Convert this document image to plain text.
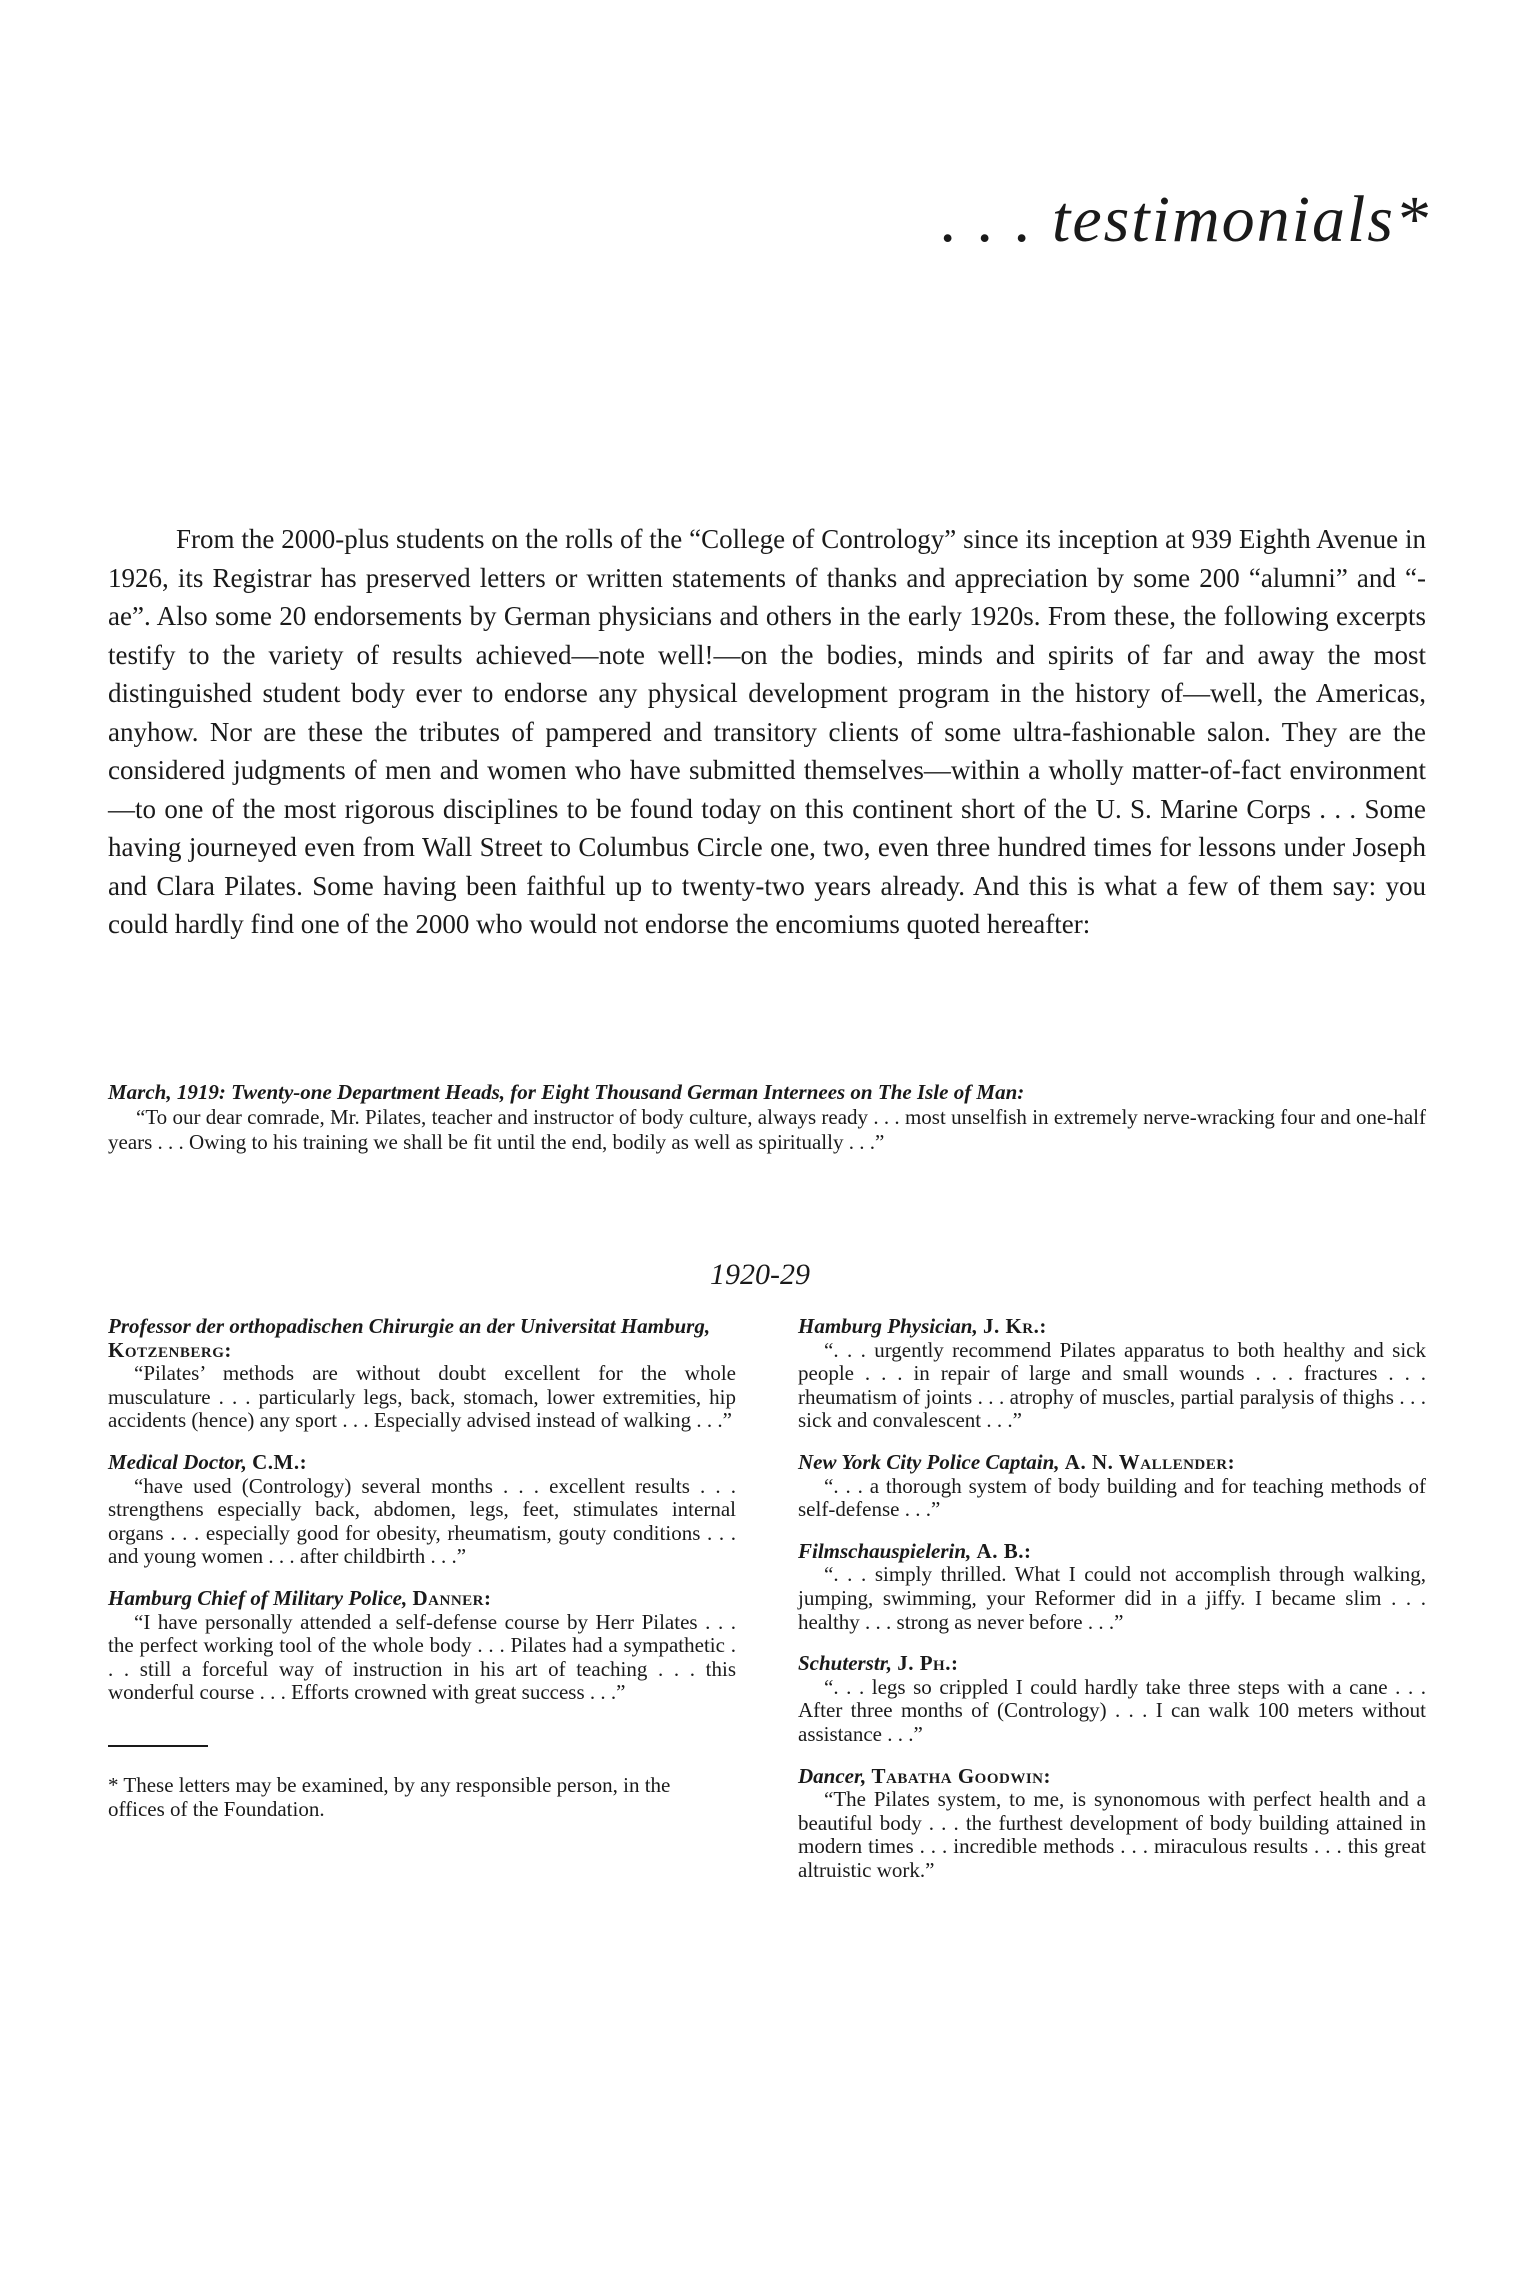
. . . testimonials*

From the 2000-plus students on the rolls of the “College of Contrology” since its inception at 939 Eighth Avenue in 1926, its Registrar has preserved letters or written statements of thanks and appreciation by some 200 “alumni” and “-ae”. Also some 20 endorsements by German physicians and others in the early 1920s. From these, the following excerpts testify to the variety of results achieved—note well!—on the bodies, minds and spirits of far and away the most distinguished student body ever to endorse any physical development program in the history of—well, the Americas, anyhow. Nor are these the tributes of pampered and transitory clients of some ultra-fashionable salon. They are the considered judgments of men and women who have submitted themselves—within a wholly matter-of-fact environment—to one of the most rigorous disciplines to be found today on this continent short of the U. S. Marine Corps . . . Some having journeyed even from Wall Street to Columbus Circle one, two, even three hundred times for lessons under Joseph and Clara Pilates. Some having been faithful up to twenty-two years already. And this is what a few of them say: you could hardly find one of the 2000 who would not endorse the encomiums quoted hereafter:

March, 1919: Twenty-one Department Heads, for Eight Thousand German Internees on The Isle of Man:

“To our dear comrade, Mr. Pilates, teacher and instructor of body culture, always ready . . . most unselfish in extremely nerve-wracking four and one-half years . . . Owing to his training we shall be fit until the end, bodily as well as spiritually . . .”

1920-29
Professor der orthopadischen Chirurgie an der Universitat Hamburg, Kotzenberg:

“Pilates’ methods are without doubt excellent for the whole musculature . . . particularly legs, back, stomach, lower extremities, hip accidents (hence) any sport . . . Especially advised instead of walking . . .”

Medical Doctor, C.M.:

“have used (Contrology) several months . . . excellent results . . . strengthens especially back, abdomen, legs, feet, stimulates internal organs . . . especially good for obesity, rheumatism, gouty conditions . . . and young women . . . after childbirth . . .”

Hamburg Chief of Military Police, Danner:

“I have personally attended a self-defense course by Herr Pilates . . . the perfect working tool of the whole body . . . Pilates had a sympathetic . . . still a forceful way of instruction in his art of teaching . . . this wonderful course . . . Efforts crowned with great success . . .”

* These letters may be examined, by any responsible person, in the offices of the Foundation.

Hamburg Physician, J. Kr.:

“. . . urgently recommend Pilates apparatus to both healthy and sick people . . . in repair of large and small wounds . . . fractures . . . rheumatism of joints . . . atrophy of muscles, partial paralysis of thighs . . . sick and convalescent . . .”

New York City Police Captain, A. N. Wallender:

“. . . a thorough system of body building and for teaching methods of self-defense . . .”

Filmschauspielerin, A. B.:

“. . . simply thrilled. What I could not accomplish through walking, jumping, swimming, your Reformer did in a jiffy. I became slim . . . healthy . . . strong as never before . . .”

Schuterstr, J. Ph.:

“. . . legs so crippled I could hardly take three steps with a cane . . . After three months of (Contrology) . . . I can walk 100 meters without assistance . . .”

Dancer, Tabatha Goodwin:

“The Pilates system, to me, is synonomous with perfect health and a beautiful body . . . the furthest development of body building attained in modern times . . . incredible methods . . . miraculous results . . . this great altruistic work.”
